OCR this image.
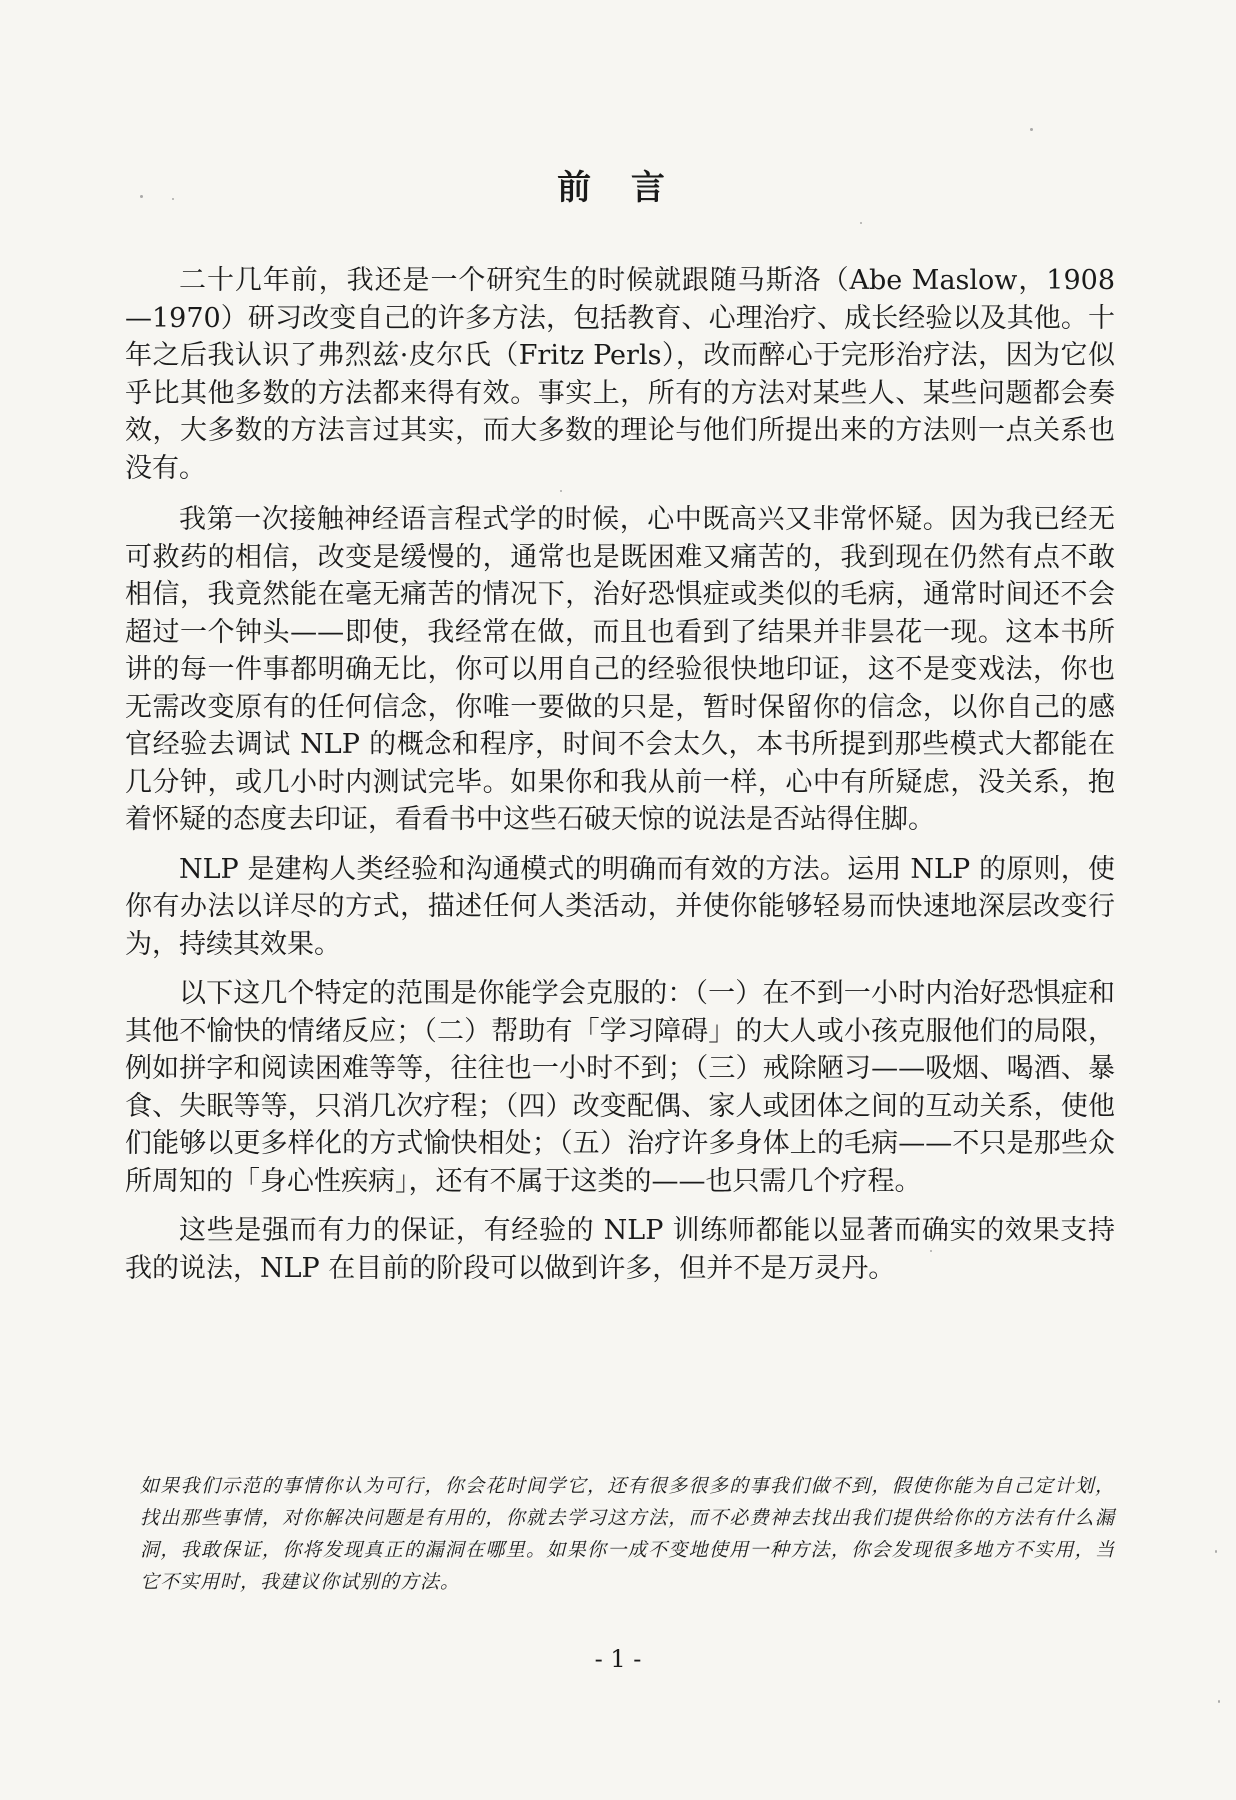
前 言

二十几年前，我还是一个研究生的时候就跟随马斯洛（Abe Maslow，1908—1970）研习改变自己的许多方法，包括教育、心理治疗、成长经验以及其他。十年之后我认识了弗烈兹·皮尔氏（Fritz Perls），改而醉心于完形治疗法，因为它似乎比其他多数的方法都来得有效。事实上，所有的方法对某些人、某些问题都会奏效，大多数的方法言过其实，而大多数的理论与他们所提出来的方法则一点关系也没有。

我第一次接触神经语言程式学的时候，心中既高兴又非常怀疑。因为我已经无可救药的相信，改变是缓慢的，通常也是既困难又痛苦的，我到现在仍然有点不敢相信，我竟然能在毫无痛苦的情况下，治好恐惧症或类似的毛病，通常时间还不会超过一个钟头——即使，我经常在做，而且也看到了结果并非昙花一现。这本书所讲的每一件事都明确无比，你可以用自己的经验很快地印证，这不是变戏法，你也无需改变原有的任何信念，你唯一要做的只是，暂时保留你的信念，以你自己的感官经验去调试 NLP 的概念和程序，时间不会太久，本书所提到那些模式大都能在几分钟，或几小时内测试完毕。如果你和我从前一样，心中有所疑虑，没关系，抱着怀疑的态度去印证，看看书中这些石破天惊的说法是否站得住脚。

NLP 是建构人类经验和沟通模式的明确而有效的方法。运用 NLP 的原则，使你有办法以详尽的方式，描述任何人类活动，并使你能够轻易而快速地深层改变行为，持续其效果。

以下这几个特定的范围是你能学会克服的：（一）在不到一小时内治好恐惧症和其他不愉快的情绪反应；（二）帮助有「学习障碍」的大人或小孩克服他们的局限，例如拼字和阅读困难等等，往往也一小时不到；（三）戒除陋习——吸烟、喝酒、暴食、失眠等等，只消几次疗程；（四）改变配偶、家人或团体之间的互动关系，使他们能够以更多样化的方式愉快相处；（五）治疗许多身体上的毛病——不只是那些众所周知的「身心性疾病」，还有不属于这类的——也只需几个疗程。

这些是强而有力的保证，有经验的 NLP 训练师都能以显著而确实的效果支持我的说法，NLP 在目前的阶段可以做到许多，但并不是万灵丹。

如果我们示范的事情你认为可行，你会花时间学它，还有很多很多的事我们做不到，假使你能为自己定计划，找出那些事情，对你解决问题是有用的，你就去学习这方法，而不必费神去找出我们提供给你的方法有什么漏洞，我敢保证，你将发现真正的漏洞在哪里。如果你一成不变地使用一种方法，你会发现很多地方不实用，当它不实用时，我建议你试别的方法。
- 1 -
